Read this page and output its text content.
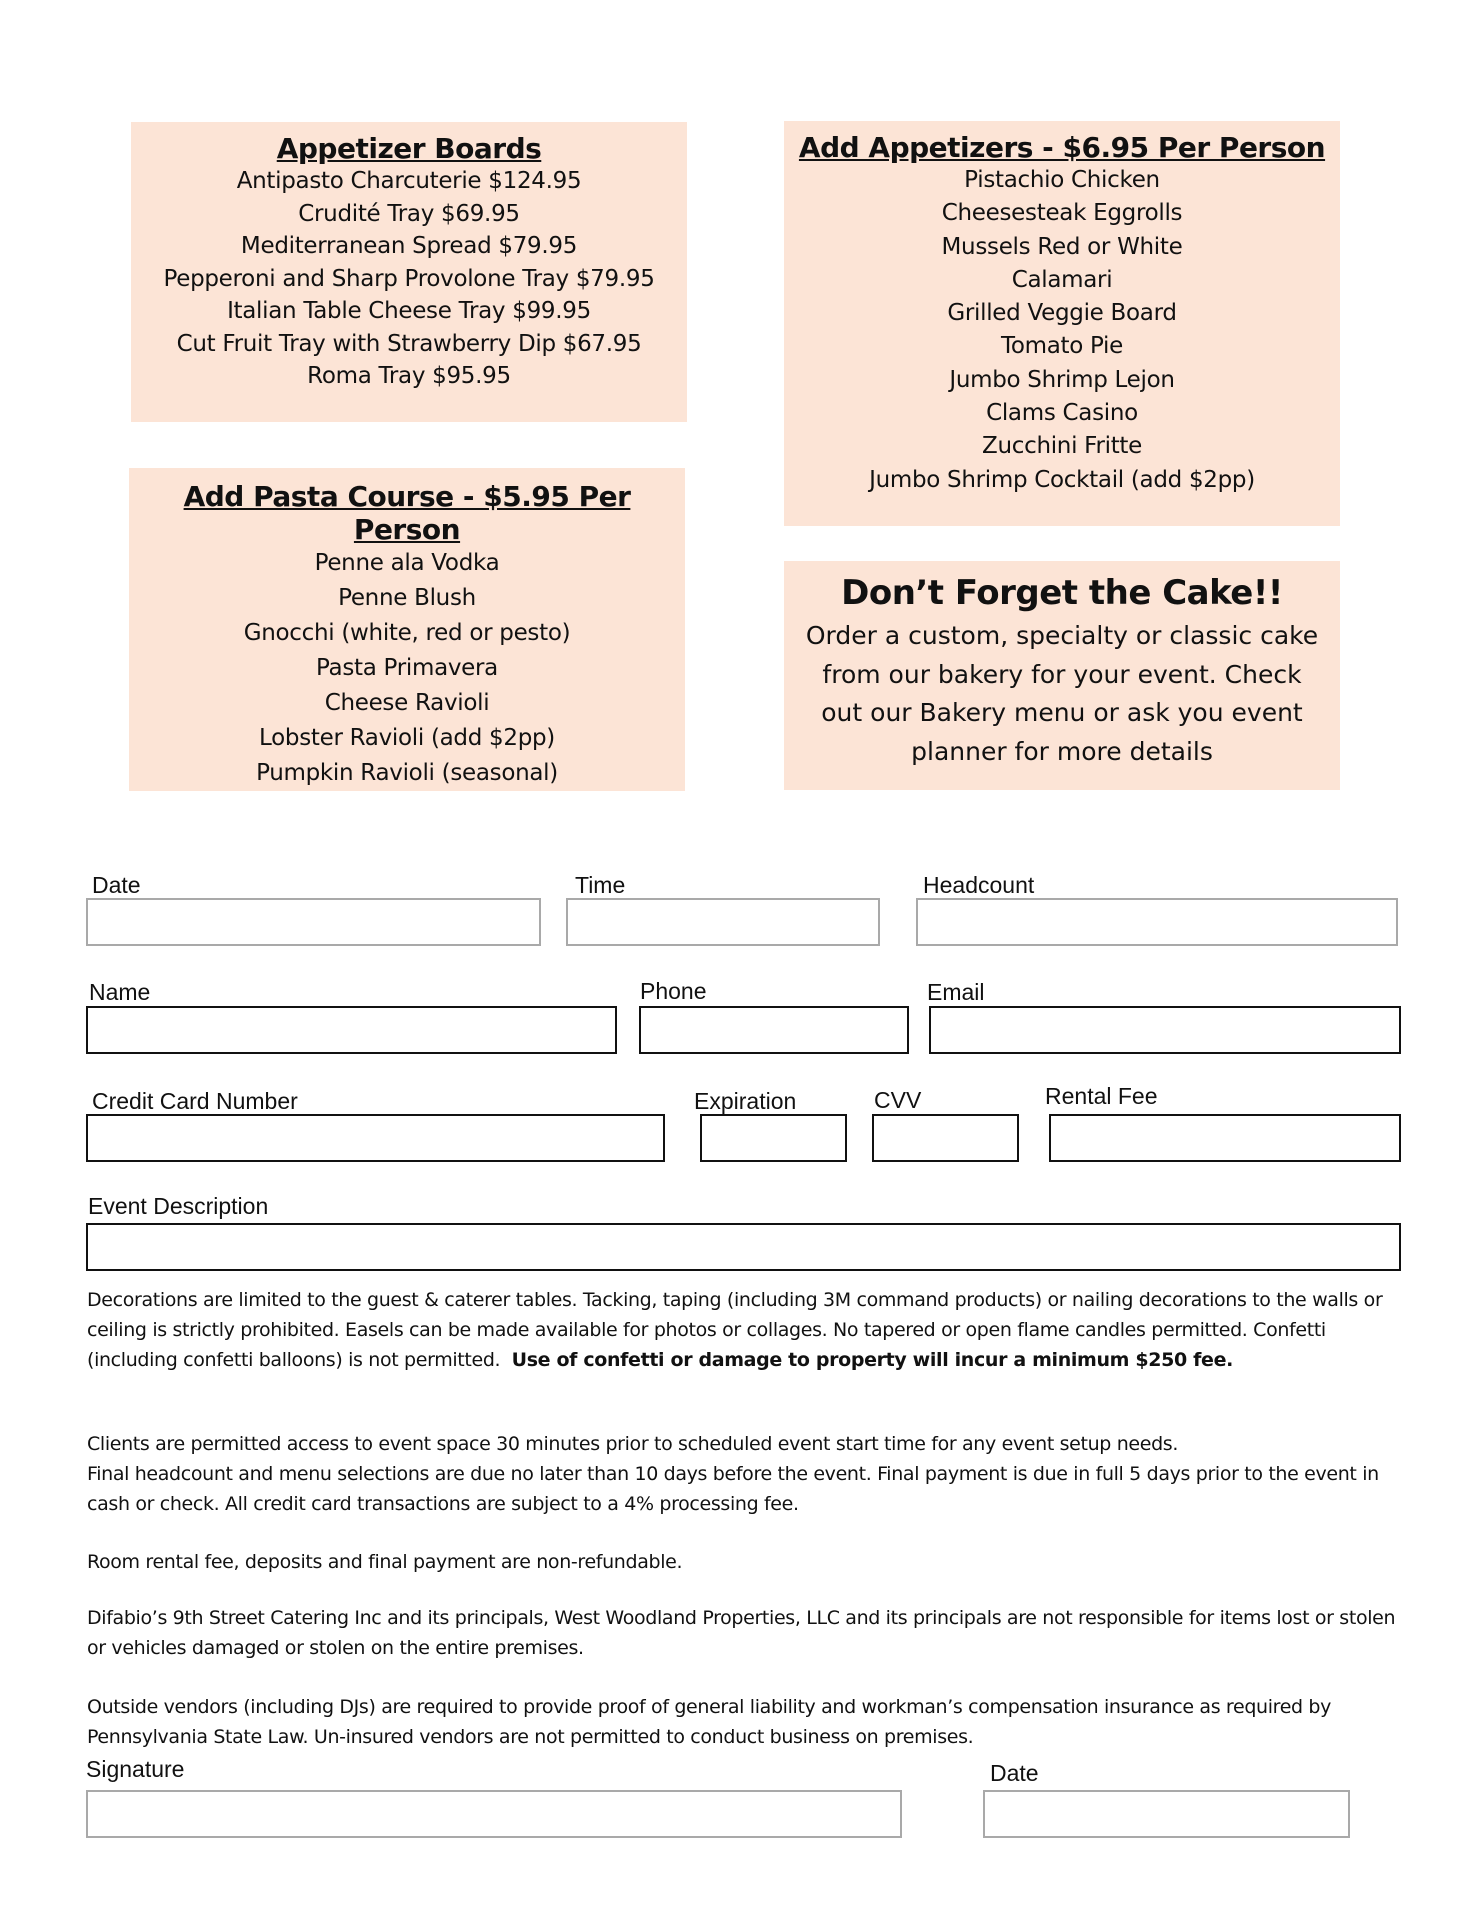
Appetizer Boards
Antipasto Charcuterie $124.95
Crudité Tray $69.95
Mediterranean Spread $79.95
Pepperoni and Sharp Provolone Tray $79.95
Italian Table Cheese Tray $99.95
Cut Fruit Tray with Strawberry Dip $67.95
Roma Tray $95.95
Add Appetizers - $6.95 Per Person
Pistachio Chicken
Cheesesteak Eggrolls
Mussels Red or White
Calamari
Grilled Veggie Board
Tomato Pie
Jumbo Shrimp Lejon
Clams Casino
Zucchini Fritte
Jumbo Shrimp Cocktail (add $2pp)
Add Pasta Course - $5.95 Per Person
Penne ala Vodka
Penne Blush
Gnocchi (white, red or pesto)
Pasta Primavera
Cheese Ravioli
Lobster Ravioli (add $2pp)
Pumpkin Ravioli (seasonal)
Don’t Forget the Cake!!
Order a custom, specialty or classic cake from our bakery for your event. Check out our Bakery menu or ask you event planner for more details
Date	Time	Headcount
Name	Phone	Email
Credit Card Number	Expiration	CVV	Rental Fee
Event Description
Decorations are limited to the guest & caterer tables. Tacking, taping (including 3M command products) or nailing decorations to the walls or ceiling is strictly prohibited. Easels can be made available for photos or collages. No tapered or open flame candles permitted. Confetti (including confetti balloons) is not permitted. Use of confetti or damage to property will incur a minimum $250 fee.
Clients are permitted access to event space 30 minutes prior to scheduled event start time for any event setup needs.
Final headcount and menu selections are due no later than 10 days before the event. Final payment is due in full 5 days prior to the event in cash or check. All credit card transactions are subject to a 4% processing fee.
Room rental fee, deposits and final payment are non-refundable.
Difabio’s 9th Street Catering Inc and its principals, West Woodland Properties, LLC and its principals are not responsible for items lost or stolen or vehicles damaged or stolen on the entire premises.
Outside vendors (including DJs) are required to provide proof of general liability and workman’s compensation insurance as required by Pennsylvania State Law. Un-insured vendors are not permitted to conduct business on premises.
Signature	Date
